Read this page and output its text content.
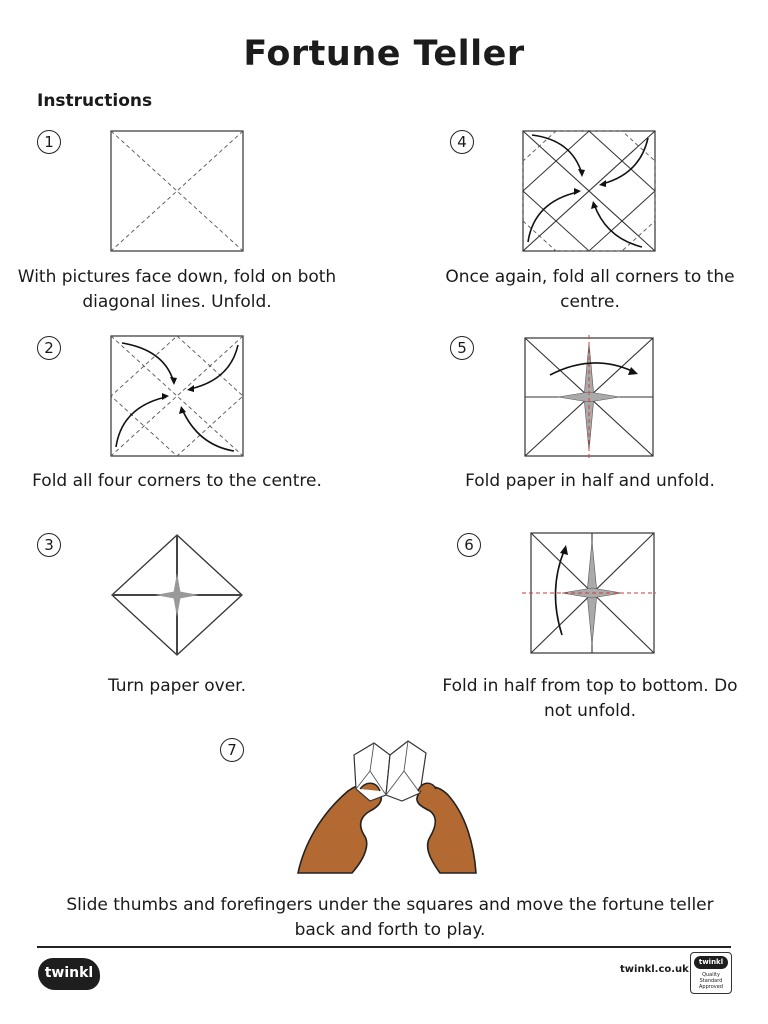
Fortune Teller
Instructions
1
With pictures face down, fold on both diagonal lines. Unfold.
2
Fold all four corners to the centre.
3
Turn paper over.
4
Once again, fold all corners to the centre.
5
Fold paper in half and unfold.
6
Fold in half from top to bottom. Do not unfold.
7
Slide thumbs and forefingers under the squares and move the fortune teller back and forth to play.
twinkl	twinkl.co.uk
twinkl
Quality Standard Approved
